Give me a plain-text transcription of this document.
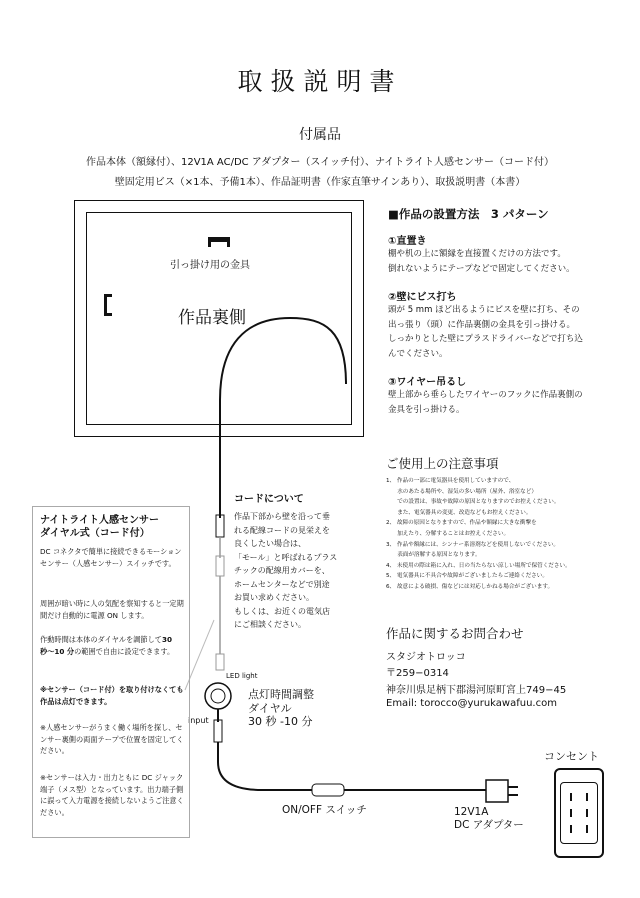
取扱説明書
付属品
作品本体（額縁付）、12V1A AC/DC アダプター（スイッチ付）、ナイトライト人感センサー（コード付）
壁固定用ビス（×1本、予備1本）、作品証明書（作家直筆サインあり）、取扱説明書（本書）
引っ掛け用の金具
作品裏側
LED light
input
点灯時間調整
ダイヤル
30 秒 -10 分
ON/OFF スイッチ	12V1A
DC アダプター
コンセント
コードについて
作品下部から壁を沿って垂
れる配線コードの見栄えを
良くしたい場合は、
「モール」と呼ばれるプラス
チックの配線用カバーを、
ホームセンターなどで別途
お買い求めください。
もしくは、お近くの電気店
にご相談ください。
■作品の設置方法　3 パターン
①直置き
棚や机の上に額縁を直接置くだけの方法です。
倒れないようにテープなどで固定してください。
②壁にビス打ち
頭が 5 mm ほど出るようにビスを壁に打ち、その
出っ張り（頭）に作品裏側の金具を引っ掛ける。
しっかりとした壁にプラスドライバーなどで打ち込
んでください。
③ワイヤー吊るし
壁上部から垂らしたワイヤーのフックに作品裏側の
金具を引っ掛ける。
ご使用上の注意事項
1、 作品の一部に電気器具を使用していますので、
　　水のあたる場所や、湿気の多い場所（屋外、浴室など）
　　での設置は、事故や故障の原因となりますのでお控えください。
　　また、電気器具の変更、改造などもお控えください。
2、 故障の原因となりますので、作品や額縁に大きな衝撃を
　　加えたり、分解することはお控えください。
3、 作品や額縁には、シンナー系溶剤などを使用しないでください。
　　表面が溶解する原因となります。
4、 未使用の際は箱に入れ、日の当たらない涼しい場所で保管ください。
5、 電気器具に不具合や故障がございましたらご連絡ください。
6、 故意による破損、傷などには対応しかねる場合がございます。
作品に関するお問合わせ
スタジオトロッコ
〒259−0314
神奈川県足柄下郡湯河原町宮上749−45
Email: torocco@yurukawafuu.com
ナイトライト人感センサー
ダイヤル式（コード付）
DC コネクタで簡単に接続できるモーションセンサー（人感センサー）スイッチです。
周囲が暗い時に人の気配を察知すると一定期間だけ自動的に電源 ON します。
作動時間は本体のダイヤルを調節して30 秒〜10 分の範囲で自由に設定できます。
※センサー（コード付）を取り付けなくても作品は点灯できます。
※人感センサーがうまく働く場所を探し、センサー裏側の両面テープで位置を固定してください。
※センサーは入力・出力ともに DC ジャック端子（メス型）となっています。出力端子側に誤って入力電源を接続しないようご注意ください。
